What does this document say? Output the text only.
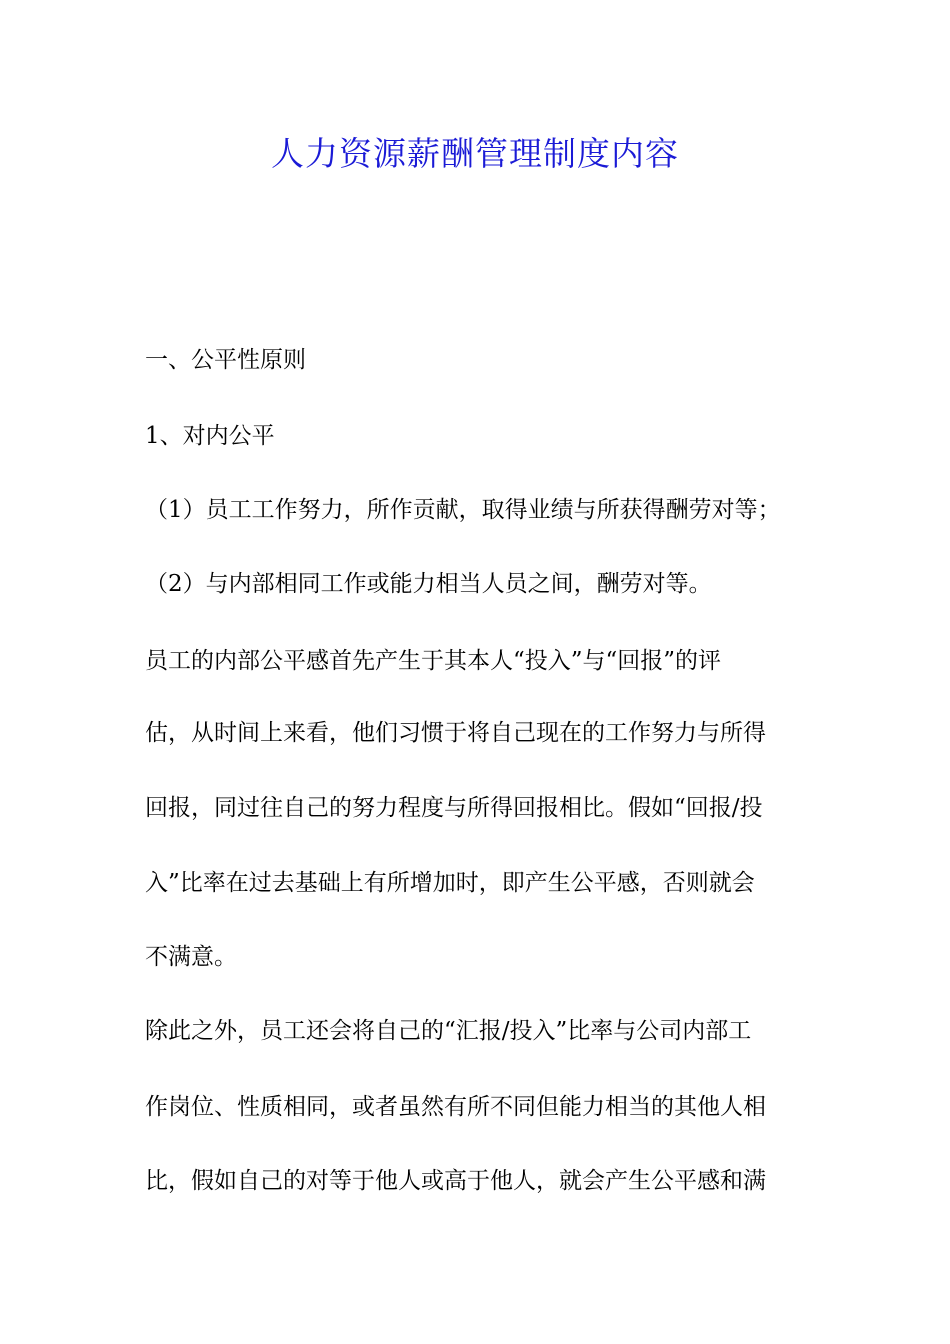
人力资源薪酬管理制度内容
一、公平性原则
1、对内公平
（1）员工工作努力，所作贡献，取得业绩与所获得酬劳对等；
（2）与内部相同工作或能力相当人员之间，酬劳对等。
员工的内部公平感首先产生于其本人“投入”与“回报”的评
估，从时间上来看，他们习惯于将自己现在的工作努力与所得
回报，同过往自己的努力程度与所得回报相比。假如“回报/投
入”比率在过去基础上有所增加时，即产生公平感，否则就会
不满意。
除此之外，员工还会将自己的“汇报/投入”比率与公司内部工
作岗位、性质相同，或者虽然有所不同但能力相当的其他人相
比，假如自己的对等于他人或高于他人，就会产生公平感和满
